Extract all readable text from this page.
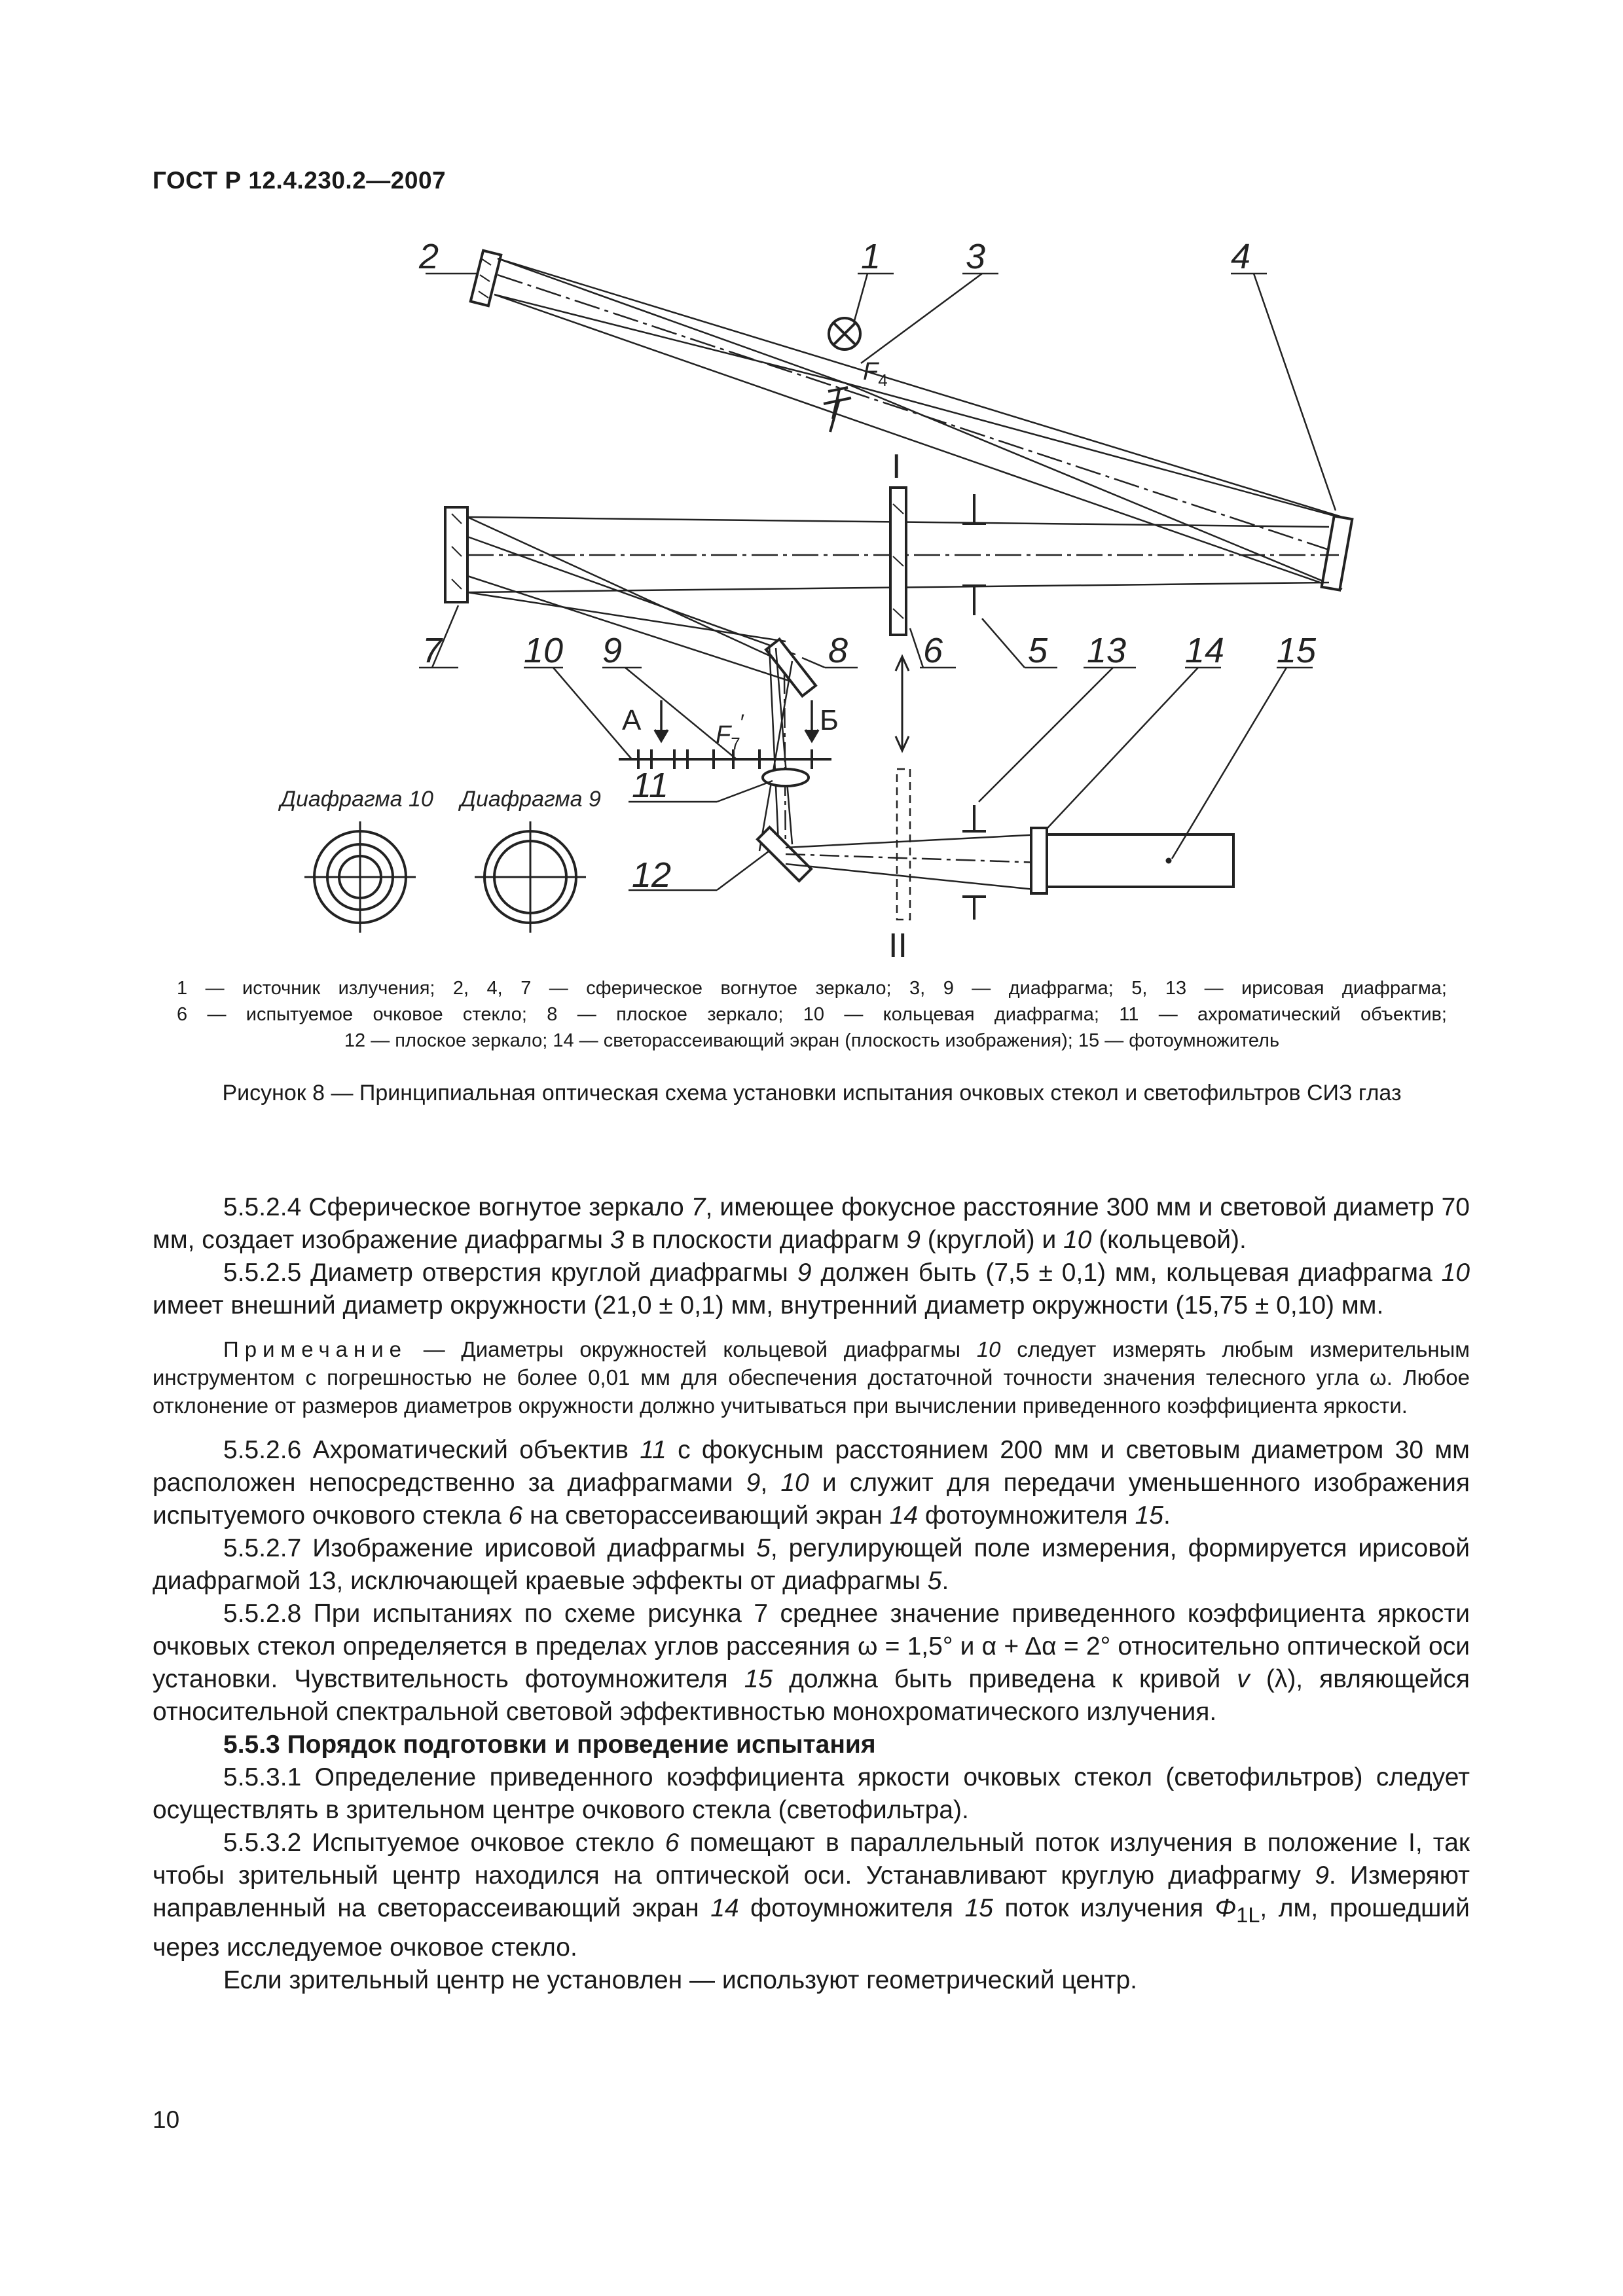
ГОСТ Р 12.4.230.2—2007
2	1 3	4
7 10 9	8 6 5 13 14 15
11
12
I
II
А	Б
$F_4$
$F_7'$
Диафрагма 10 Диафрагма 9
1 — источник излучения; 2, 4, 7 — сферическое вогнутое зеркало; 3, 9 — диафрагма; 5, 13 — ирисовая диафрагма;
6 — испытуемое очковое стекло; 8 — плоское зеркало; 10 — кольцевая диафрагма; 11 — ахроматический объектив;
12 — плоское зеркало; 14 — светорассеивающий экран (плоскость изображения); 15 — фотоумножитель
Рисунок 8 — Принципиальная оптическая схема установки испытания очковых стекол и светофильтров СИЗ глаз

5.5.2.4 Сферическое вогнутое зеркало 7, имеющее фокусное расстояние 300 мм и световой диаметр 70 мм, создает изображение диафрагмы 3 в плоскости диафрагм 9 (круглой) и 10 (кольцевой).

5.5.2.5 Диаметр отверстия круглой диафрагмы 9 должен быть (7,5 ± 0,1) мм, кольцевая диафрагма 10 имеет внешний диаметр окружности (21,0 ± 0,1) мм, внутренний диаметр окружности (15,75 ± 0,10) мм.

Примечание — Диаметры окружностей кольцевой диафрагмы 10 следует измерять любым измерительным инструментом с погрешностью не более 0,01 мм для обеспечения достаточной точности значения телесного угла ω. Любое отклонение от размеров диаметров окружности должно учитываться при вычислении приведенного коэффициента яркости.

5.5.2.6 Ахроматический объектив 11 с фокусным расстоянием 200 мм и световым диаметром 30 мм расположен непосредственно за диафрагмами 9, 10 и служит для передачи уменьшенного изображения испытуемого очкового стекла 6 на светорассеивающий экран 14 фотоумножителя 15.

5.5.2.7 Изображение ирисовой диафрагмы 5, регулирующей поле измерения, формируется ирисовой диафрагмой 13, исключающей краевые эффекты от диафрагмы 5.

5.5.2.8 При испытаниях по схеме рисунка 7 среднее значение приведенного коэффициента яркости очковых стекол определяется в пределах углов рассеяния ω = 1,5° и α + Δα = 2° относительно оптической оси установки. Чувствительность фотоумножителя 15 должна быть приведена к кривой v (λ), являющейся относительной спектральной световой эффективностью монохроматического излучения.

5.5.3 Порядок подготовки и проведение испытания

5.5.3.1 Определение приведенного коэффициента яркости очковых стекол (светофильтров) следует осуществлять в зрительном центре очкового стекла (светофильтра).

5.5.3.2 Испытуемое очковое стекло 6 помещают в параллельный поток излучения в положение I, так чтобы зрительный центр находился на оптической оси. Устанавливают круглую диафрагму 9. Измеряют направленный на светорассеивающий экран 14 фотоумножителя 15 поток излучения $\Phi_{1L}$, лм, прошедший через исследуемое очковое стекло.

Если зрительный центр не установлен — используют геометрический центр.

10
